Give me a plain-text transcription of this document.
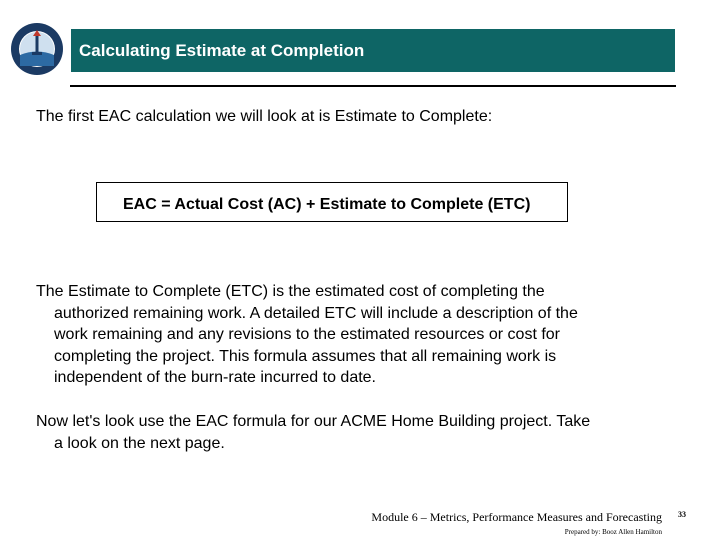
Calculating Estimate at Completion
The first EAC calculation we will look at is Estimate to Complete:
EAC = Actual Cost (AC) + Estimate to Complete (ETC)
The Estimate to Complete (ETC) is the estimated cost of completing the
authorized remaining work. A detailed ETC will include a description of the
work remaining and any revisions to the estimated resources or cost for
completing the project. This formula assumes that all remaining work is
independent of the burn-rate incurred to date.
Now let's look use the EAC formula for our ACME Home Building project. Take
a look on the next page.
Module 6 – Metrics, Performance Measures and Forecasting
Prepared by: Booz Allen Hamilton
33
